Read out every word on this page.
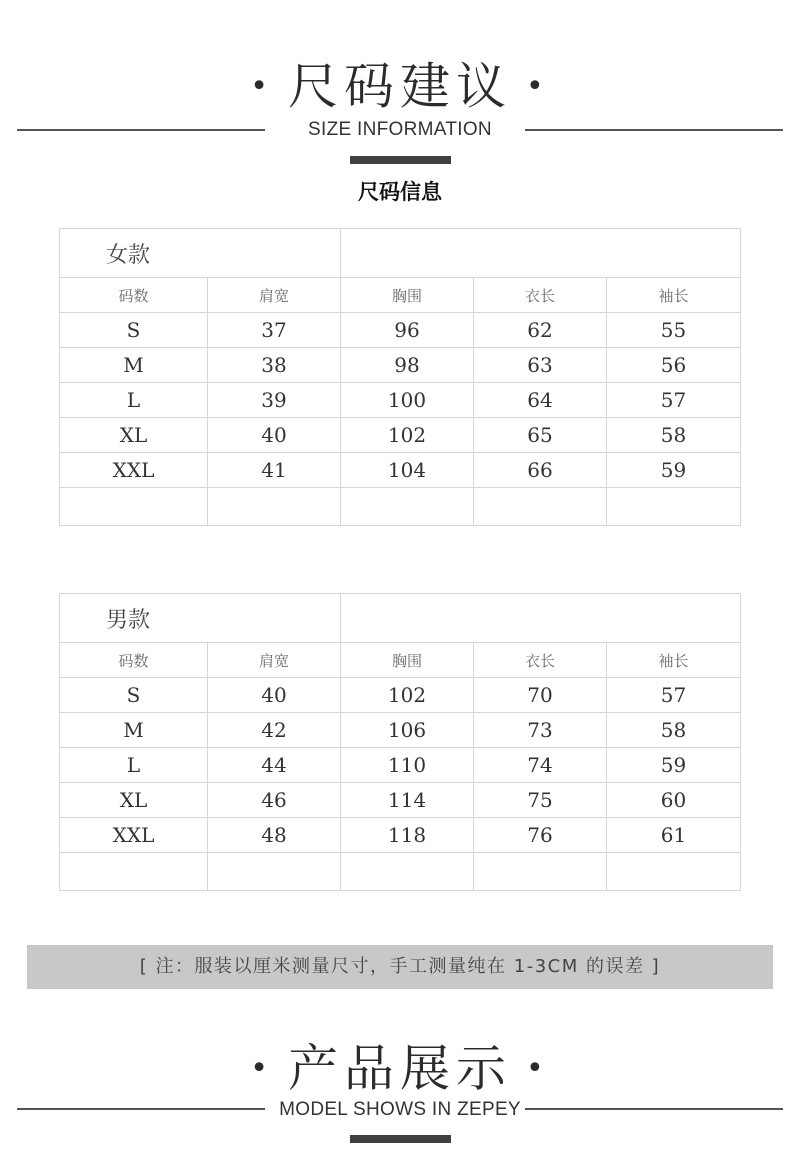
• 尺码建议 •
SIZE INFORMATION
尺码信息
女款				
码数	肩宽	胸围	衣长	袖长
S	37	96	62	55
M	38	98	63	56
L	39	100	64	57
XL	40	102	65	58
XXL	41	104	66	59

男款				
码数	肩宽	胸围	衣长	袖长
S	40	102	70	57
M	42	106	73	58
L	44	110	74	59
XL	46	114	75	60
XXL	48	118	76	61

[ 注：服装以厘米测量尺寸，手工测量纯在 1-3CM 的误差 ]
• 产品展示 •
MODEL SHOWS IN ZEPEY
